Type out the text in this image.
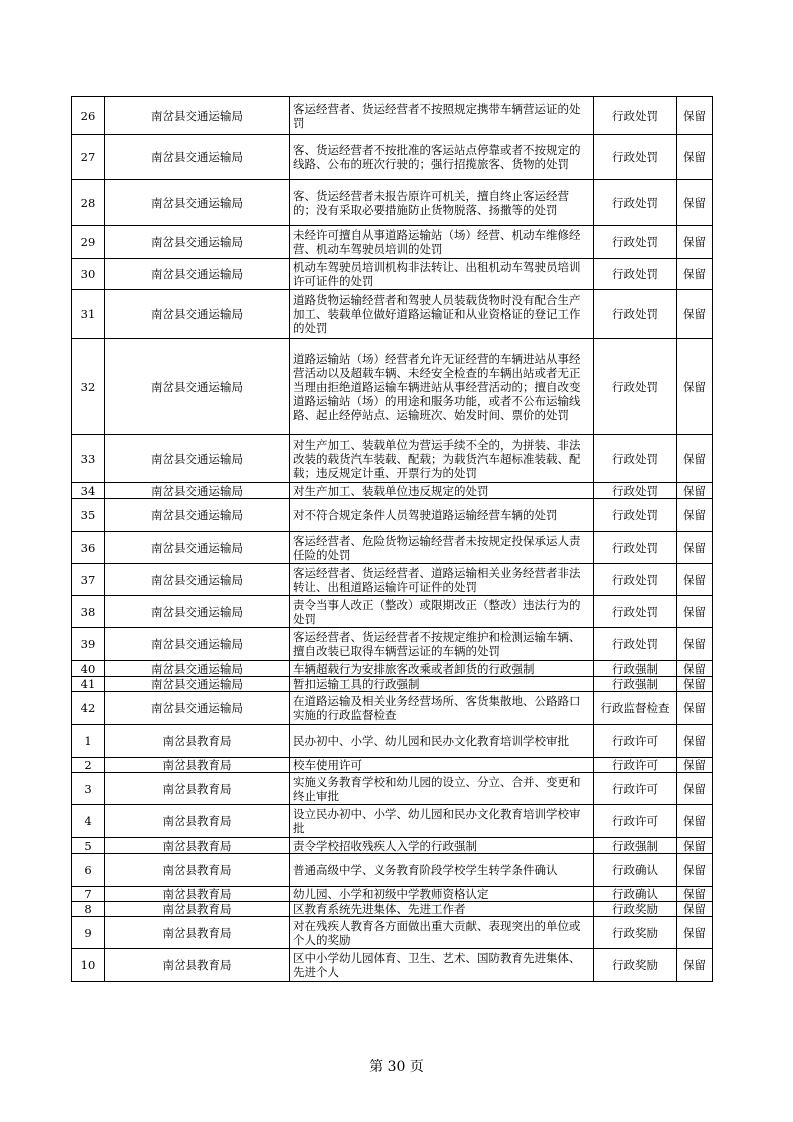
26	南岔县交通运输局	客运经营者、货运经营者不按照规定携带车辆营运证的处罚	行政处罚	保留
27	南岔县交通运输局	客、货运经营者不按批准的客运站点停靠或者不按规定的线路、公布的班次行驶的；强行招揽旅客、货物的处罚	行政处罚	保留
28	南岔县交通运输局	客、货运经营者未报告原许可机关，擅自终止客运经营的；没有采取必要措施防止货物脱落、扬撒等的处罚	行政处罚	保留
29	南岔县交通运输局	未经许可擅自从事道路运输站（场）经营、机动车维修经营、机动车驾驶员培训的处罚	行政处罚	保留
30	南岔县交通运输局	机动车驾驶员培训机构非法转让、出租机动车驾驶员培训许可证件的处罚	行政处罚	保留
31	南岔县交通运输局	道路货物运输经营者和驾驶人员装载货物时没有配合生产加工、装载单位做好道路运输证和从业资格证的登记工作的处罚	行政处罚	保留
32	南岔县交通运输局	道路运输站（场）经营者允许无证经营的车辆进站从事经营活动以及超载车辆、未经安全检查的车辆出站或者无正当理由拒绝道路运输车辆进站从事经营活动的；擅自改变道路运输站（场）的用途和服务功能，或者不公布运输线路、起止经停站点、运输班次、始发时间、票价的处罚	行政处罚	保留
33	南岔县交通运输局	对生产加工、装载单位为营运手续不全的，为拼装、非法改装的载货汽车装载、配载；为载货汽车超标准装载、配载；违反规定计重、开票行为的处罚	行政处罚	保留
34	南岔县交通运输局	对生产加工、装载单位违反规定的处罚	行政处罚	保留
35	南岔县交通运输局	对不符合规定条件人员驾驶道路运输经营车辆的处罚	行政处罚	保留
36	南岔县交通运输局	客运经营者、危险货物运输经营者未按规定投保承运人责任险的处罚	行政处罚	保留
37	南岔县交通运输局	客运经营者、货运经营者、道路运输相关业务经营者非法转让、出租道路运输许可证件的处罚	行政处罚	保留
38	南岔县交通运输局	责令当事人改正（整改）或限期改正（整改）违法行为的处罚	行政处罚	保留
39	南岔县交通运输局	客运经营者、货运经营者不按规定维护和检测运输车辆、 擅自改装已取得车辆营运证的车辆的处罚	行政处罚	保留
40	南岔县交通运输局	车辆超载行为安排旅客改乘或者卸货的行政强制	行政强制	保留
41	南岔县交通运输局	暂扣运输工具的行政强制	行政强制	保留
42	南岔县交通运输局	在道路运输及相关业务经营场所、客货集散地、公路路口实施的行政监督检查	行政监督检查	保留
1	南岔县教育局	民办初中、小学、幼儿园和民办文化教育培训学校审批	行政许可	保留
2	南岔县教育局	校车使用许可	行政许可	保留
3	南岔县教育局	实施义务教育学校和幼儿园的设立、分立、合并、变更和终止审批	行政许可	保留
4	南岔县教育局	设立民办初中、小学、幼儿园和民办文化教育培训学校审批	行政许可	保留
5	南岔县教育局	责令学校招收残疾人入学的行政强制	行政强制	保留
6	南岔县教育局	普通高级中学、义务教育阶段学校学生转学条件确认	行政确认	保留
7	南岔县教育局	幼儿园、小学和初级中学教师资格认定	行政确认	保留
8	南岔县教育局	区教育系统先进集体、先进工作者	行政奖励	保留
9	南岔县教育局	对在残疾人教育各方面做出重大贡献、表现突出的单位或个人的奖励	行政奖励	保留
10	南岔县教育局	区中小学幼儿园体育、卫生、艺术、国防教育先进集体、先进个人	行政奖励	保留
第 30 页
